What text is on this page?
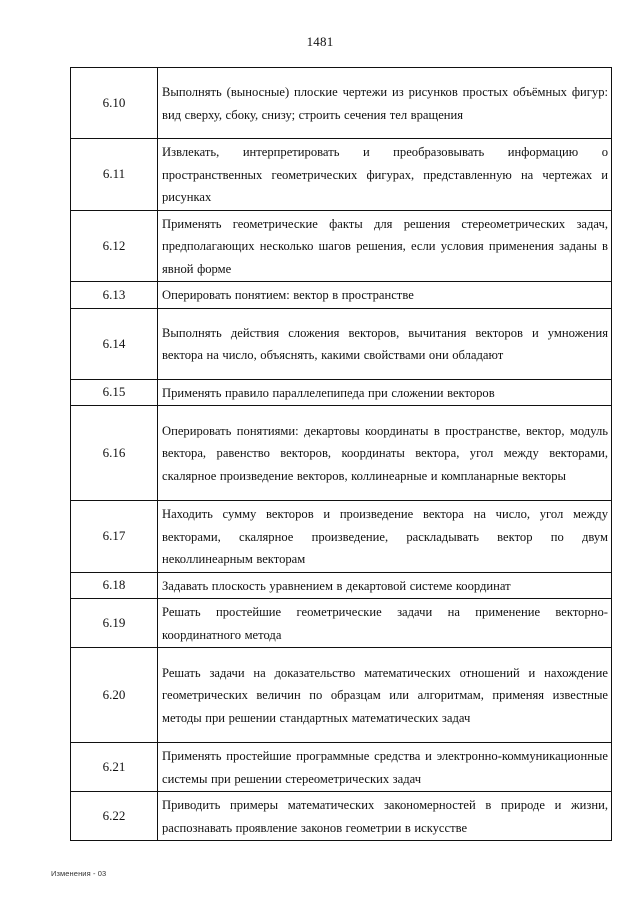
1481
6.10	Выполнять (выносные) плоские чертежи из рисунков простых объёмных фигур: вид сверху, сбоку, снизу; строить сечения тел вращения
6.11	Извлекать, интерпретировать и преобразовывать информацию о пространственных геометрических фигурах, представленную на чертежах и рисунках
6.12	Применять геометрические факты для решения стереометрических задач, предполагающих несколько шагов решения, если условия применения заданы в явной форме
6.13	Оперировать понятием: вектор в пространстве
6.14	Выполнять действия сложения векторов, вычитания векторов и умножения вектора на число, объяснять, какими свойствами они обладают
6.15	Применять правило параллелепипеда при сложении векторов
6.16	Оперировать понятиями: декартовы координаты в пространстве, вектор, модуль вектора, равенство векторов, координаты вектора, угол между векторами, скалярное произведение векторов, коллинеарные и компланарные векторы
6.17	Находить сумму векторов и произведение вектора на число, угол между векторами, скалярное произведение, раскладывать вектор по двум неколлинеарным векторам
6.18	Задавать плоскость уравнением в декартовой системе координат
6.19	Решать простейшие геометрические задачи на применение векторно-координатного метода
6.20	Решать задачи на доказательство математических отношений и нахождение геометрических величин по образцам или алгоритмам, применяя известные методы при решении стандартных математических задач
6.21	Применять простейшие программные средства и электронно-коммуникационные системы при решении стереометрических задач
6.22	Приводить примеры математических закономерностей в природе и жизни, распознавать проявление законов геометрии в искусстве
Изменения - 03
